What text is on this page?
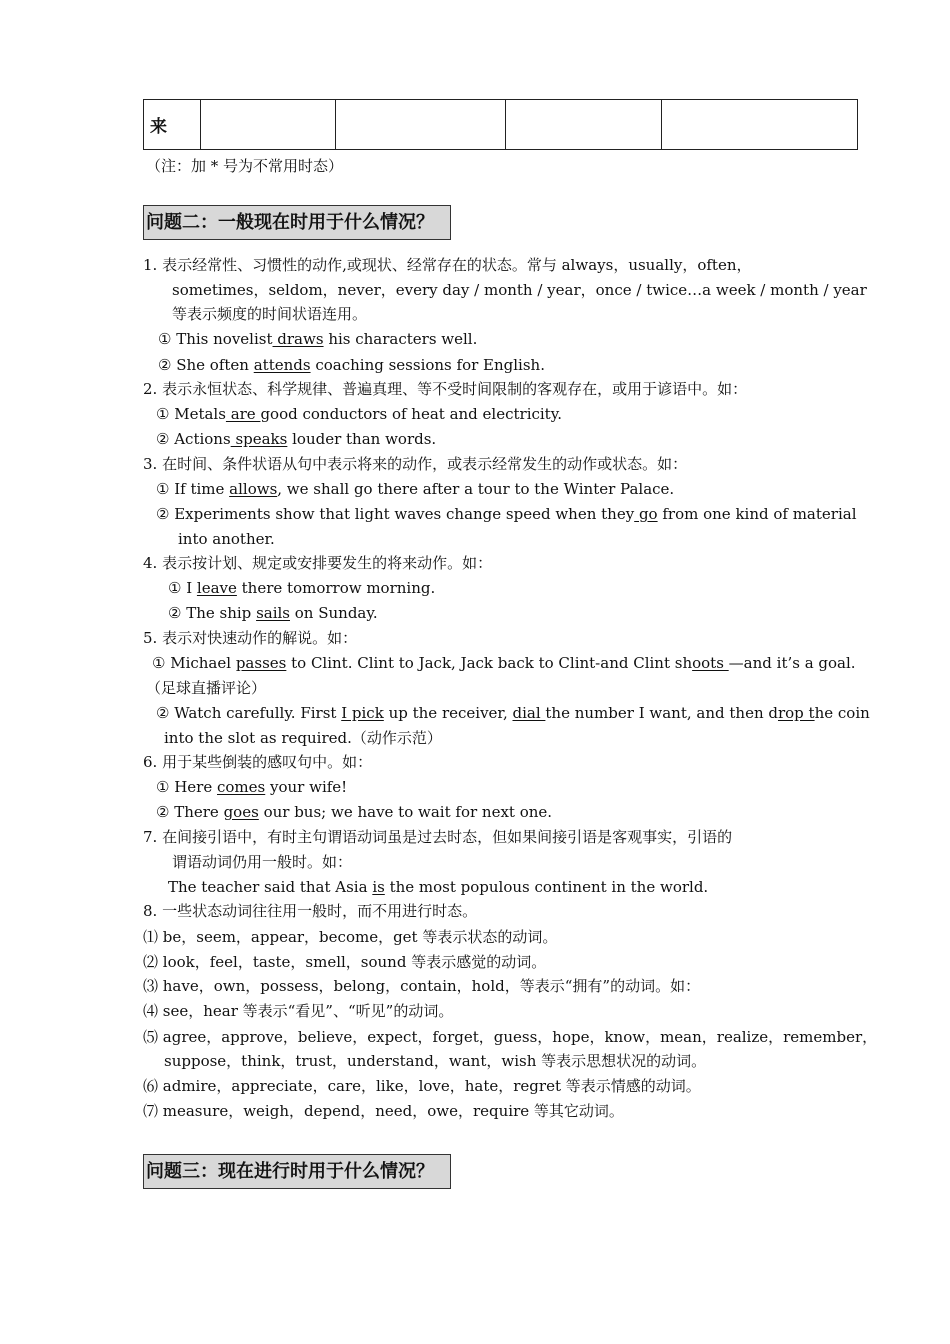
来				
（注：加 * 号为不常用时态）
问题二：一般现在时用于什么情况？
1. 表示经常性、习惯性的动作,或现状、经常存在的状态。常与 always，usually，often，
sometimes，seldom，never，every day / month / year，once / twice…a week / month / year
等表示频度的时间状语连用。
① This novelist draws his characters well.
② She often attends coaching sessions for English.
2. 表示永恒状态、科学规律、普遍真理、等不受时间限制的客观存在，或用于谚语中。如：
① Metals are good conductors of heat and electricity.
② Actions speaks louder than words.
3. 在时间、条件状语从句中表示将来的动作，或表示经常发生的动作或状态。如：
① If time allows, we shall go there after a tour to the Winter Palace.
② Experiments show that light waves change speed when they go from one kind of material
into another.
4. 表示按计划、规定或安排要发生的将来动作。如：
① I leave there tomorrow morning.
② The ship sails on Sunday.
5. 表示对快速动作的解说。如：
① Michael passes to Clint. Clint to Jack, Jack back to Clint-and Clint shoots —and it’s a goal.
（足球直播评论）
② Watch carefully. First I pick up the receiver, dial the number I want, and then drop the coin
into the slot as required.（动作示范）
6. 用于某些倒装的感叹句中。如：
① Here comes your wife!
② There goes our bus; we have to wait for next one.
7. 在间接引语中，有时主句谓语动词虽是过去时态，但如果间接引语是客观事实，引语的
谓语动词仍用一般时。如：
The teacher said that Asia is the most populous continent in the world.
8. 一些状态动词往往用一般时，而不用进行时态。
⑴ be，seem，appear，become，get 等表示状态的动词。
⑵ look，feel，taste，smell，sound 等表示感觉的动词。
⑶ have，own，possess，belong，contain，hold，等表示“拥有”的动词。如：
⑷ see，hear 等表示“看见”、“听见”的动词。
⑸ agree，approve，believe，expect，forget，guess，hope，know，mean，realize，remember，
suppose，think，trust，understand，want，wish 等表示思想状况的动词。
⑹ admire，appreciate，care，like，love，hate，regret 等表示情感的动词。
⑺ measure，weigh，depend，need，owe，require 等其它动词。
问题三：现在进行时用于什么情况？
